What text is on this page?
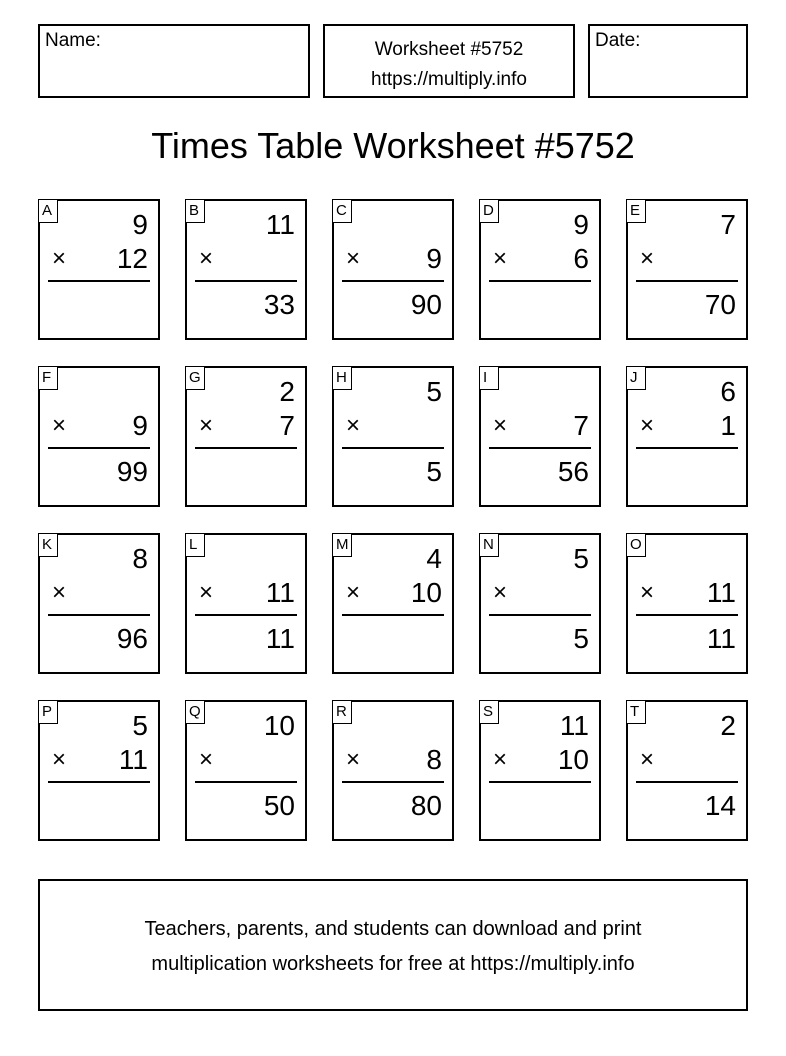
Name:	Worksheet #5752
https://multiply.info
Date:
Times Table Worksheet #5752
A	9
× 12
B 11
×
33
C
× 9
90
D	9
× 6
E	7
×
70
F
× 9
99
G	2
× 7
H	5
×
5
I
× 7
56
J	6
× 1
K	8
×
96
L
× 11
11
M	4
× 10
N	5
×
5
O
× 11
11
P	5
× 11
Q 10
×
50
R
× 8
80
S 11
× 10
T	2
×
14
Teachers, parents, and students can download and print
multiplication worksheets for free at https://multiply.info
